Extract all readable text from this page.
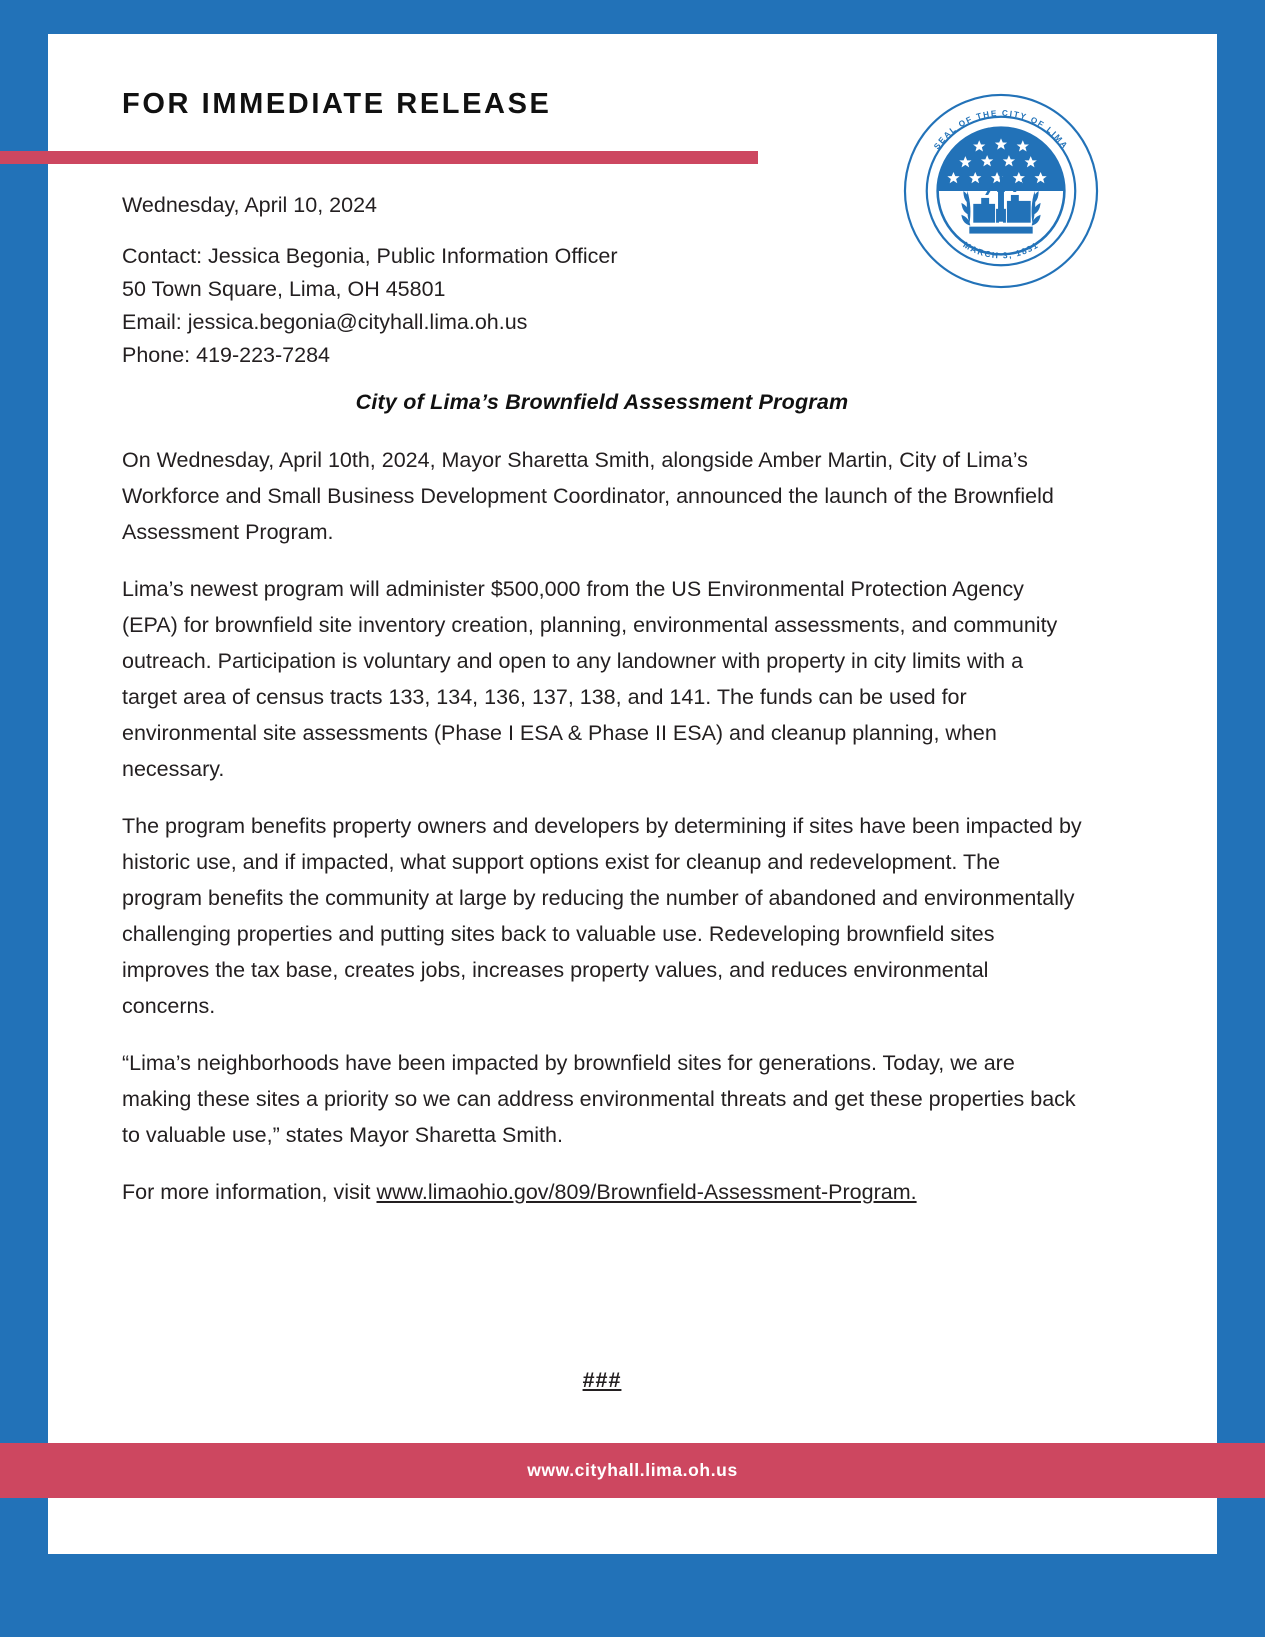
FOR IMMEDIATE RELEASE
SEAL OF THE CITY OF LIMA
MARCH 3, 1831
Wednesday, April 10, 2024
Contact: Jessica Begonia, Public Information Officer
50 Town Square, Lima, OH 45801
Email: jessica.begonia@cityhall.lima.oh.us
Phone: 419-223-7284
City of Lima’s Brownfield Assessment Program

On Wednesday, April 10th, 2024, Mayor Sharetta Smith, alongside Amber Martin, City of Lima’s Workforce and Small Business Development Coordinator, announced the launch of the Brownfield Assessment Program.

Lima’s newest program will administer $500,000 from the US Environmental Protection Agency (EPA) for brownfield site inventory creation, planning, environmental assessments, and community outreach. Participation is voluntary and open to any landowner with property in city limits with a target area of census tracts 133, 134, 136, 137, 138, and 141. The funds can be used for environmental site assessments (Phase I ESA & Phase II ESA) and cleanup planning, when necessary.

The program benefits property owners and developers by determining if sites have been impacted by historic use, and if impacted, what support options exist for cleanup and redevelopment. The program benefits the community at large by reducing the number of abandoned and environmentally challenging properties and putting sites back to valuable use. Redeveloping brownfield sites improves the tax base, creates jobs, increases property values, and reduces environmental concerns.

“Lima’s neighborhoods have been impacted by brownfield sites for generations. Today, we are making these sites a priority so we can address environmental threats and get these properties back to valuable use,” states Mayor Sharetta Smith.

For more information, visit www.limaohio.gov/809/Brownfield-Assessment-Program.

###
www.cityhall.lima.oh.us
